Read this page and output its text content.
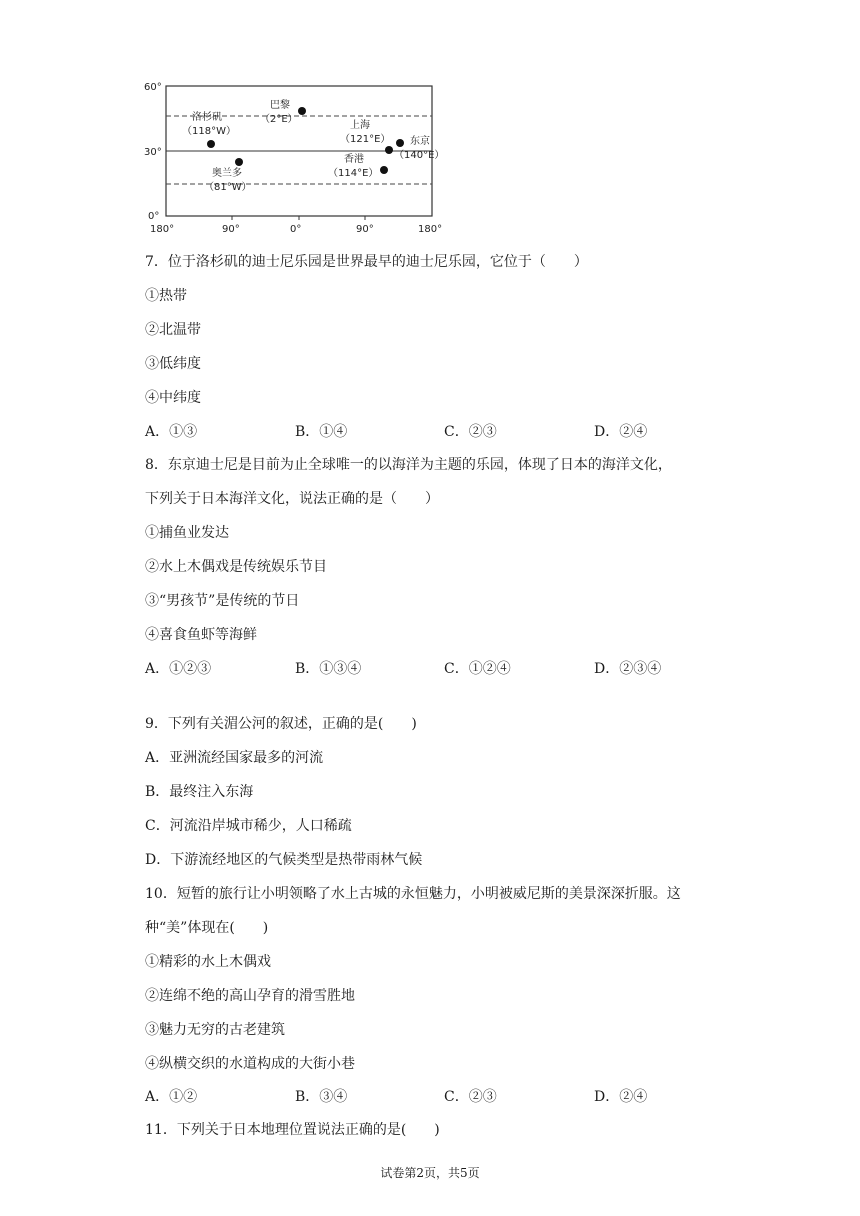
60°
30°
0°
180°	90°	0°	90°	180°
洛杉矶
（118°W）
巴黎
（2°E）
上海
（121°E） 东京
（140°E）
香港
（114°E）
奥兰多
（81°W）
7．位于洛杉矶的迪士尼乐园是世界最早的迪士尼乐园，它位于（　　）
①热带
②北温带
③低纬度
④中纬度
A．①③	B．①④	C．②③	D．②④
8．东京迪士尼是目前为止全球唯一的以海洋为主题的乐园，体现了日本的海洋文化，
下列关于日本海洋文化，说法正确的是（　　）
①捕鱼业发达
②水上木偶戏是传统娱乐节目
③“男孩节”是传统的节日
④喜食鱼虾等海鲜
A．①②③	B．①③④	C．①②④	D．②③④
9．下列有关湄公河的叙述，正确的是(　　)
A．亚洲流经国家最多的河流
B．最终注入东海
C．河流沿岸城市稀少，人口稀疏
D．下游流经地区的气候类型是热带雨林气候
10．短暂的旅行让小明领略了水上古城的永恒魅力，小明被威尼斯的美景深深折服。这
种“美”体现在(　　)
①精彩的水上木偶戏
②连绵不绝的高山孕育的滑雪胜地
③魅力无穷的古老建筑
④纵横交织的水道构成的大街小巷
A．①②	B．③④	C．②③	D．②④
11．下列关于日本地理位置说法正确的是(　　)
试卷第2页，共5页
